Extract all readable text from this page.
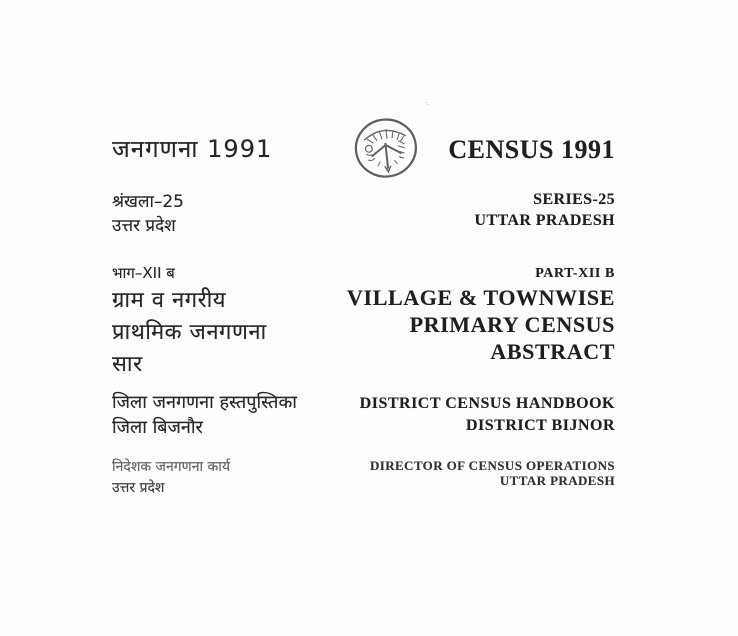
जनगणना 1991
श्रंखला–25
उत्तर प्रदेश
भाग–XII ब
ग्राम व नगरीय
प्राथमिक जनगणना
सार
जिला जनगणना हस्तपुस्तिका
जिला बिजनौर
निदेशक जनगणना कार्य
उत्तर प्रदेश
·․
CENSUS 1991
SERIES-25
UTTAR PRADESH
PART-XII B
VILLAGE & TOWNWISE
PRIMARY CENSUS
ABSTRACT
DISTRICT CENSUS HANDBOOK
DISTRICT BIJNOR
DIRECTOR OF CENSUS OPERATIONS
UTTAR PRADESH
